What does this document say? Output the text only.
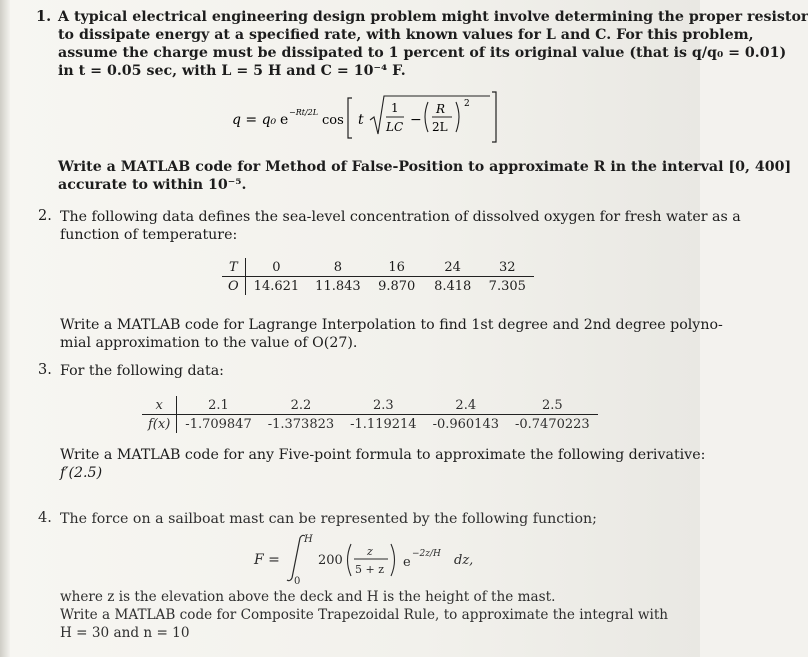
1. A typical electrical engineering design problem might involve determining the proper resistor
to dissipate energy at a specified rate, with known values for L and C. For this problem,
assume the charge must be dissipated to 1 percent of its original value (that is q/q₀ = 0.01)
in t = 0.05 sec, with L = 5 H and C = 10⁻⁴ F.
q = q₀ e −Rt/2L
cos t
1
LC −
R
2L
2
Write a MATLAB code for Method of False-Position to approximate R in the interval [0, 400]
accurate to within 10⁻⁵.
2. The following data defines the sea-level concentration of dissolved oxygen for fresh water as a
function of temperature:
T	0	8	16	24	32
O	14.621	11.843	9.870	8.418	7.305
Write a MATLAB code for Lagrange Interpolation to find 1st degree and 2nd degree polyno-
mial approximation to the value of O(27).
3. For the following data:
x	2.1	2.2	2.3	2.4	2.5
f(x)	-1.709847	-1.373823	-1.119214	-0.960143	-0.7470223
Write a MATLAB code for any Five-point formula to approximate the following derivative:
f′(2.5)
4. The force on a sailboat mast can be represented by the following function;
F =
H
0
200
z
5 + z e
−2z/H dz,
where z is the elevation above the deck and H is the height of the mast.
Write a MATLAB code for Composite Trapezoidal Rule, to approximate the integral with
H = 30 and n = 10
